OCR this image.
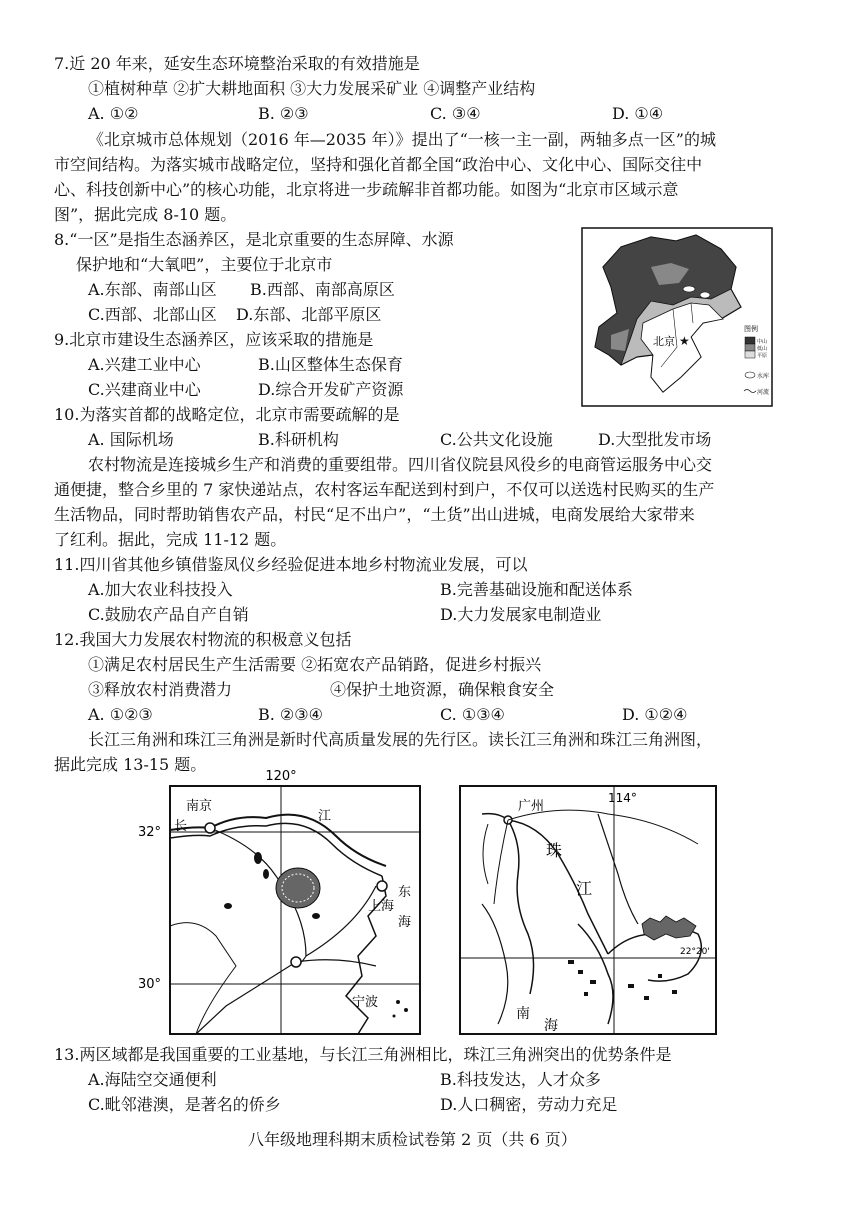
7.近 20 年来，延安生态环境整治采取的有效措施是
①植树种草 ②扩大耕地面积 ③大力发展采矿业 ④调整产业结构
A. ①②	B. ②③	C. ③④	D. ①④
《北京城市总体规划（2016 年—2035 年）》提出了“一核一主一副，两轴多点一区”的城
市空间结构。为落实城市战略定位，坚持和强化首都全国“政治中心、文化中心、国际交往中
心、科技创新中心”的核心功能，北京将进一步疏解非首都功能。如图为“北京市区域示意
图”，据此完成 8-10 题。
8.“一区”是指生态涵养区，是北京重要的生态屏障、水源
保护地和“大氧吧”，主要位于北京市
A.东部、南部山区 B.西部、南部高原区
C.西部、北部山区 D.东部、北部平原区
9.北京市建设生态涵养区，应该采取的措施是
A.兴建工业中心	B.山区整体生态保育
C.兴建商业中心	D.综合开发矿产资源
10.为落实首都的战略定位，北京市需要疏解的是
A. 国际机场	B.科研机构	C.公共文化设施	D.大型批发市场
农村物流是连接城乡生产和消费的重要组带。四川省仪院县风役乡的电商管运服务中心交
通便捷，整合乡里的 7 家快递站点，农村客运车配送到村到户，不仅可以送选村民购买的生产
生活物品，同时帮助销售农产品，村民“足不出户”，“土货”出山进城，电商发展给大家带来
了红利。据此，完成 11-12 题。
11.四川省其他乡镇借鉴凤仪乡经验促进本地乡村物流业发展，可以
A.加大农业科技投入	B.完善基础设施和配送体系
C.鼓励农产品自产自销	D.大力发展家电制造业
12.我国大力发展农村物流的积极意义包括
①满足农村居民生产生活需要 ②拓宽农产品销路，促进乡村振兴
③释放农村消费潜力	④保护土地资源，确保粮食安全
A. ①②③	B. ②③④	C. ①③④	D. ①②④
长江三角洲和珠江三角洲是新时代高质量发展的先行区。读长江三角洲和珠江三角洲图，
据此完成 13-15 题。
13.两区域都是我国重要的工业基地，与长江三角洲相比，珠江三角洲突出的优势条件是
A.海陆空交通便利	B.科技发达，人才众多
C.毗邻港澳，是著名的侨乡	D.人口稠密，劳动力充足
八年级地理科期末质检试卷第 2 页（共 6 页）
北京 ★
图例
中山
低山
平原
水库
河流
120°
32°
30°
南京
长
江
上海
东
海
宁波
广州
114°
珠
江
22°20'
南
海
